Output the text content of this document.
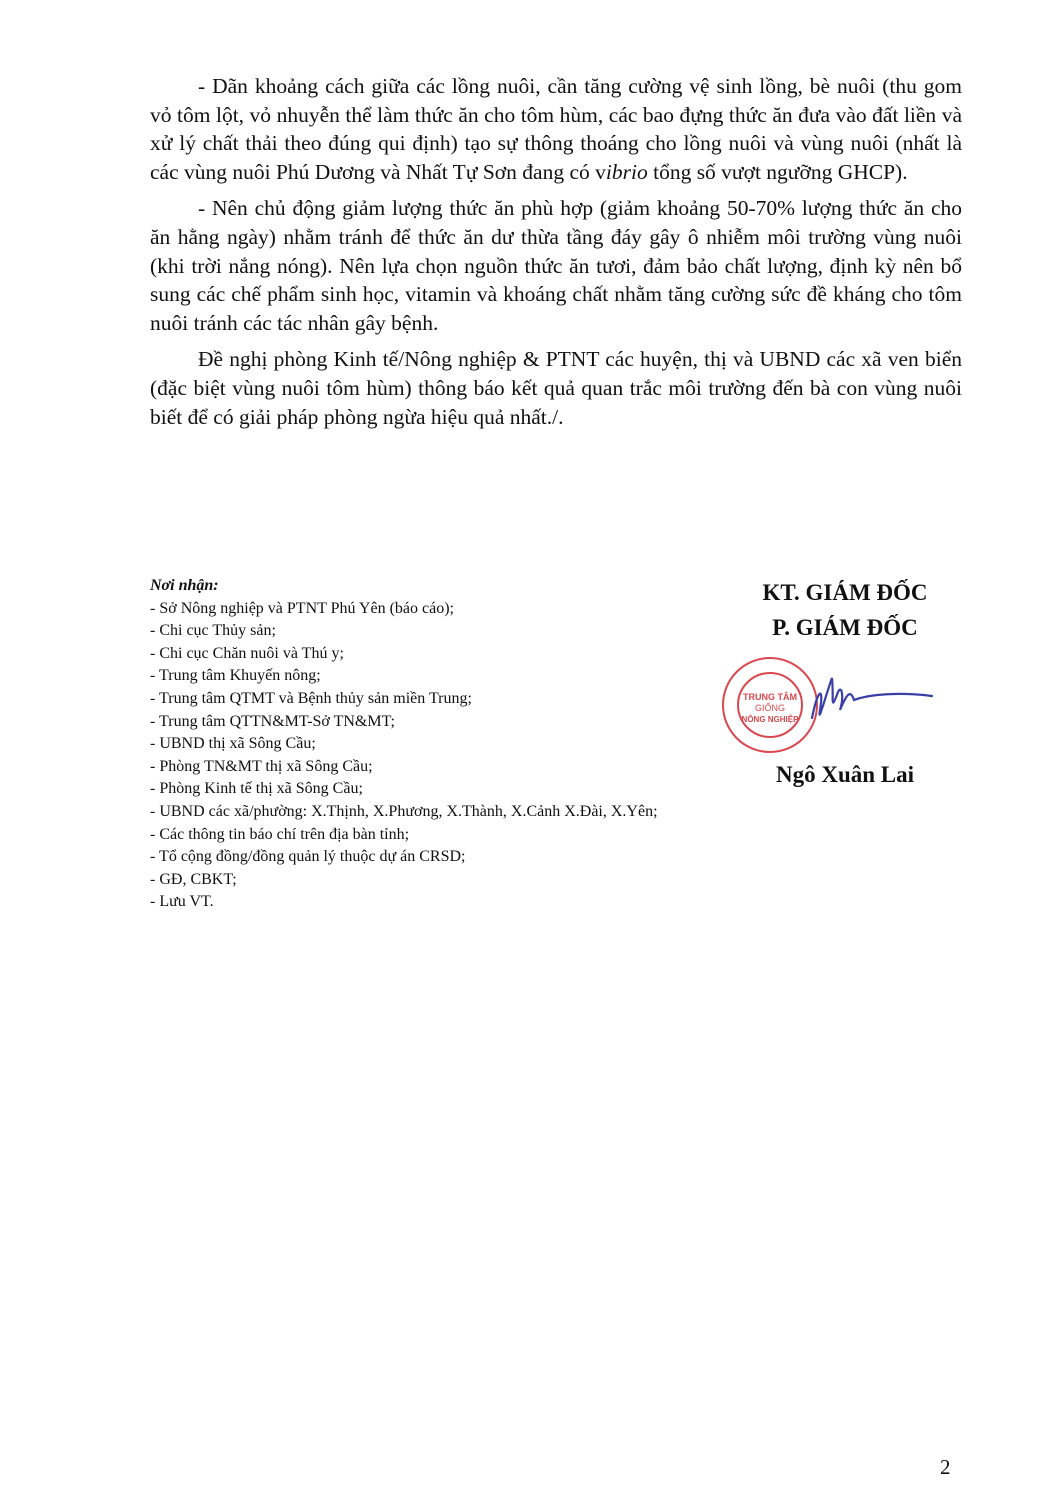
- Dãn khoảng cách giữa các lồng nuôi, cần tăng cường vệ sinh lồng, bè nuôi (thu gom vỏ tôm lột, vỏ nhuyễn thể làm thức ăn cho tôm hùm, các bao đựng thức ăn đưa vào đất liền và xử lý chất thải theo đúng qui định) tạo sự thông thoáng cho lồng nuôi và vùng nuôi (nhất là các vùng nuôi Phú Dương và Nhất Tự Sơn đang có vibrio tổng số vượt ngưỡng GHCP).

- Nên chủ động giảm lượng thức ăn phù hợp (giảm khoảng 50-70% lượng thức ăn cho ăn hằng ngày) nhằm tránh để thức ăn dư thừa tầng đáy gây ô nhiễm môi trường vùng nuôi (khi trời nắng nóng). Nên lựa chọn nguồn thức ăn tươi, đảm bảo chất lượng, định kỳ nên bổ sung các chế phẩm sinh học, vitamin và khoáng chất nhằm tăng cường sức đề kháng cho tôm nuôi tránh các tác nhân gây bệnh.

Đề nghị phòng Kinh tế/Nông nghiệp & PTNT các huyện, thị và UBND các xã ven biển (đặc biệt vùng nuôi tôm hùm) thông báo kết quả quan trắc môi trường đến bà con vùng nuôi biết để có giải pháp phòng ngừa hiệu quả nhất./.

Nơi nhận:
- Sở Nông nghiệp và PTNT Phú Yên (báo cáo);
- Chi cục Thủy sản;
- Chi cục Chăn nuôi và Thú y;
- Trung tâm Khuyến nông;
- Trung tâm QTMT và Bệnh thủy sản miền Trung;
- Trung tâm QTTN&MT-Sở TN&MT;
- UBND thị xã Sông Cầu;
- Phòng TN&MT thị xã Sông Cầu;
- Phòng Kinh tế thị xã Sông Cầu;
- UBND các xã/phường: X.Thịnh, X.Phương, X.Thành, X.Cảnh X.Đài, X.Yên;
- Các thông tin báo chí trên địa bàn tỉnh;
- Tổ cộng đồng/đồng quản lý thuộc dự án CRSD;
- GĐ, CBKT;
- Lưu VT.
KT. GIÁM ĐỐC
P. GIÁM ĐỐC
TRUNG TÂM
GIỐNG
NÔNG NGHIỆP
Ngô Xuân Lai
2
